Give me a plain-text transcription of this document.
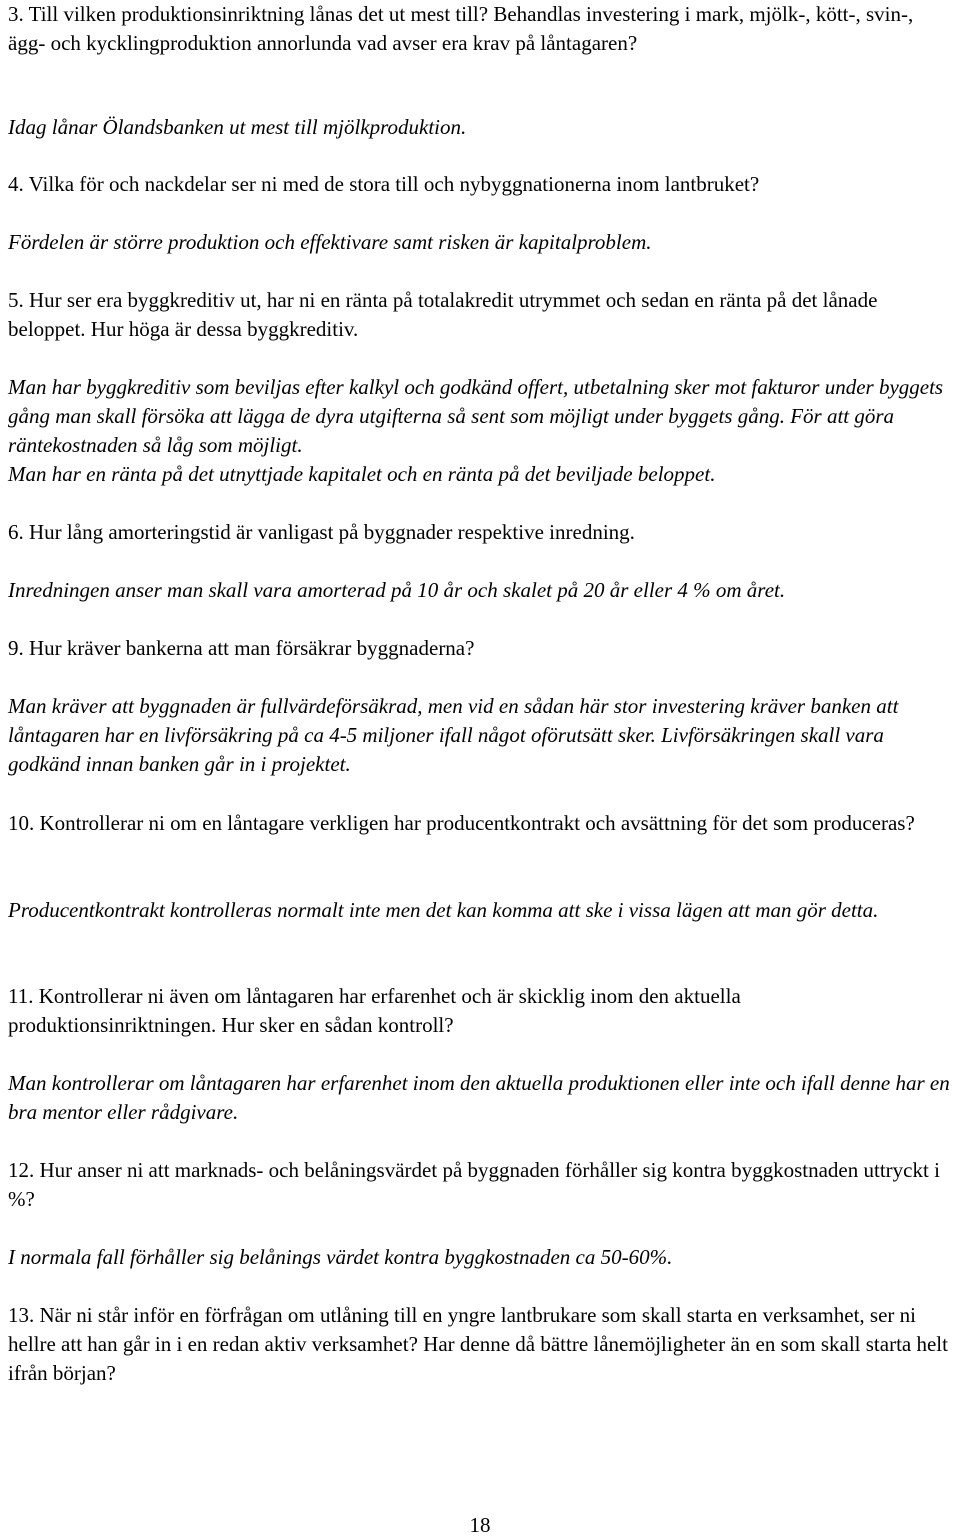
3. Till vilken produktionsinriktning lånas det ut mest till? Behandlas investering i mark, mjölk-, kött-, svin-, ägg- och kycklingproduktion annorlunda vad avser era krav på låntagaren?

Idag lånar Ölandsbanken ut mest till mjölkproduktion.

4. Vilka för och nackdelar ser ni med de stora till och nybyggnationerna inom lantbruket?

Fördelen är större produktion och effektivare samt risken är kapitalproblem.

5. Hur ser era byggkreditiv ut, har ni en ränta på totalakredit utrymmet och sedan en ränta på det lånade beloppet. Hur höga är dessa byggkreditiv.

Man har byggkreditiv som beviljas efter kalkyl och godkänd offert, utbetalning sker mot fakturor under byggets gång man skall försöka att lägga de dyra utgifterna så sent som möjligt under byggets gång. För att göra räntekostnaden så låg som möjligt.

Man har en ränta på det utnyttjade kapitalet och en ränta på det beviljade beloppet.

6. Hur lång amorteringstid är vanligast på byggnader respektive inredning.

Inredningen anser man skall vara amorterad på 10 år och skalet på 20 år eller 4 % om året.

9. Hur kräver bankerna att man försäkrar byggnaderna?

Man kräver att byggnaden är fullvärdeförsäkrad, men vid en sådan här stor investering kräver banken att låntagaren har en livförsäkring på ca 4-5 miljoner ifall något oförutsätt sker. Livförsäkringen skall vara godkänd innan banken går in i projektet.

10. Kontrollerar ni om en låntagare verkligen har producentkontrakt och avsättning för det som produceras?

Producentkontrakt kontrolleras normalt inte men det kan komma att ske i vissa lägen att man gör detta.

11. Kontrollerar ni även om låntagaren har erfarenhet och är skicklig inom den aktuella produktionsinriktningen. Hur sker en sådan kontroll?

Man kontrollerar om låntagaren har erfarenhet inom den aktuella produktionen eller inte och ifall denne har en bra mentor eller rådgivare.

12. Hur anser ni att marknads- och belåningsvärdet på byggnaden förhåller sig kontra byggkostnaden uttryckt i %?

I normala fall förhåller sig belånings värdet kontra byggkostnaden ca 50-60%.

13. När ni står inför en förfrågan om utlåning till en yngre lantbrukare som skall starta en verksamhet, ser ni hellre att han går in i en redan aktiv verksamhet? Har denne då bättre lånemöjligheter än en som skall starta helt ifrån början?

18
